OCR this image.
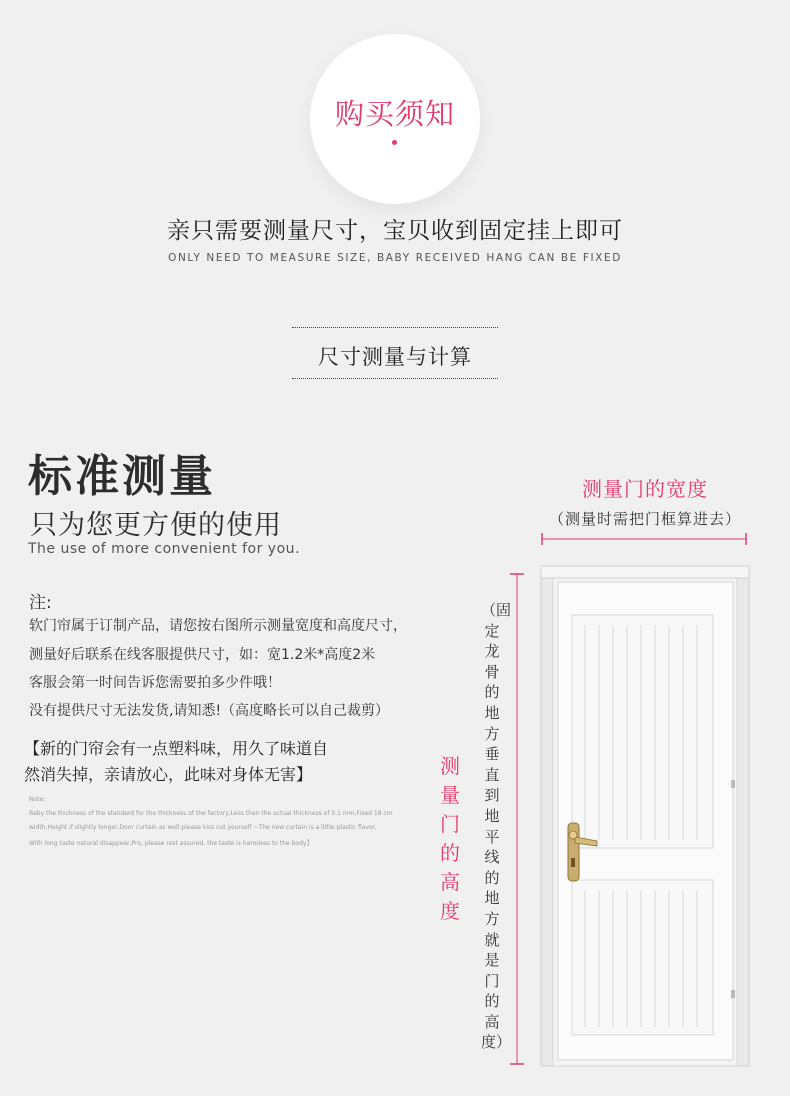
购买须知
亲只需要测量尺寸，宝贝收到固定挂上即可
ONLY NEED TO MEASURE SIZE, BABY RECEIVED HANG CAN BE FIXED
尺寸测量与计算
标准测量
只为您更方便的使用
The use of more convenient for you.
注:
软门帘属于订制产品，请您按右图所示测量宽度和高度尺寸，
测量好后联系在线客服提供尺寸，如：宽1.2米*高度2米
客服会第一时间告诉您需要拍多少件哦！
没有提供尺寸无法发货,请知悉!（高度略长可以自己裁剪）
【新的门帘会有一点塑料味，用久了味道自
然消失掉，亲请放心，此味对身体无害】
Note:
Baby the thickness of the standard for the thickness of the factory,Less than the actual thickness of 0.1 mm,Fixed 18 cm
width.Height if slightly longer,Door curtain as well please kiss cut yourself ~The new curtain is a little plastic flavor.
With long taste natural disappear,Pro, please rest assured, the taste is harmless to the body】
测量门的宽度
（测量时需把门框算进去）
测量门的高度
（固定龙骨的地方垂直到地平线的地方就是门的高度）
